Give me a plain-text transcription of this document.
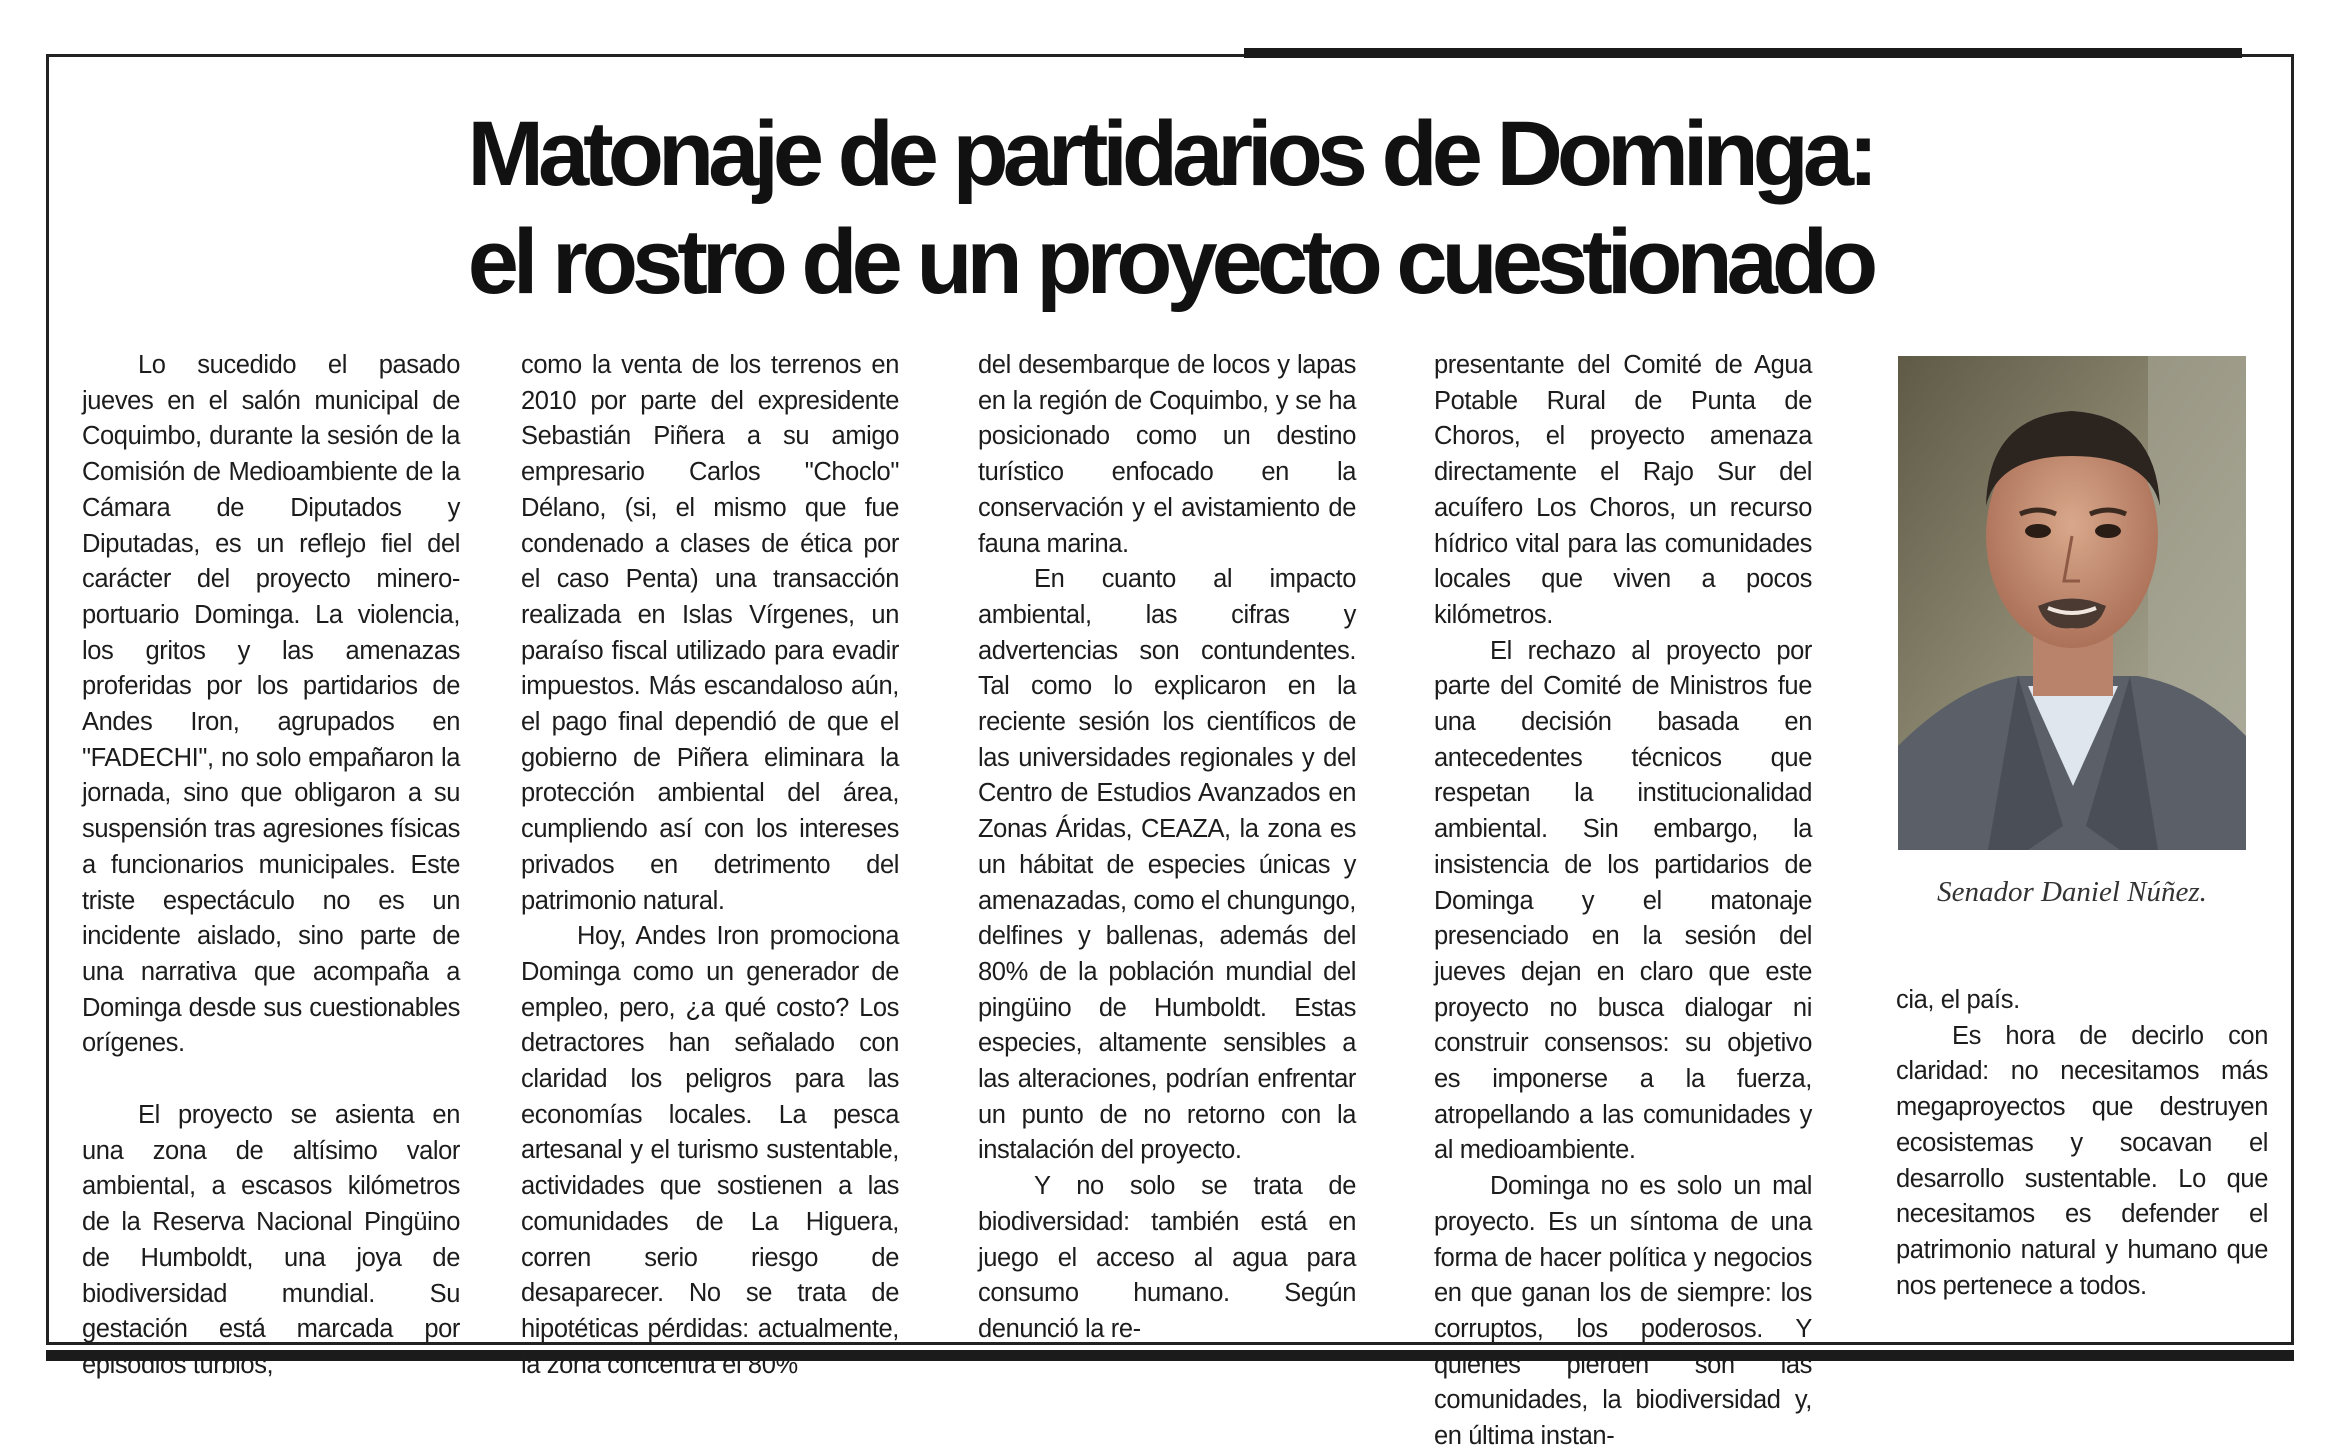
Matonaje de partidarios de Dominga:
el rostro de un proyecto cuestionado

Lo sucedido el pasado jueves en el salón municipal de Coquimbo, durante la sesión de la Comisión de Medioambiente de la Cámara de Diputados y Diputadas, es un reflejo fiel del carácter del proyecto minero-portuario Dominga. La violencia, los gritos y las amenazas proferidas por los partidarios de Andes Iron, agrupados en "FADECHI", no solo empañaron la jornada, sino que obligaron a su suspensión tras agresiones físicas a funcionarios municipales. Este triste espectáculo no es un incidente aislado, sino parte de una narrativa que acompaña a Dominga desde sus cuestionables orígenes.

El proyecto se asienta en una zona de altísimo valor ambiental, a escasos kilómetros de la Reserva Nacional Pingüino de Humboldt, una joya de biodiversidad mundial. Su gestación está marcada por episodios turbios,

como la venta de los terrenos en 2010 por parte del expresidente Sebastián Piñera a su amigo empresario Carlos "Choclo" Délano, (si, el mismo que fue condenado a clases de ética por el caso Penta) una transacción realizada en Islas Vírgenes, un paraíso fiscal utilizado para evadir impuestos. Más escandaloso aún, el pago final dependió de que el gobierno de Piñera eliminara la protección ambiental del área, cumpliendo así con los intereses privados en detrimento del patrimonio natural.

Hoy, Andes Iron promociona Dominga como un generador de empleo, pero, ¿a qué costo? Los detractores han señalado con claridad los peligros para las economías locales. La pesca artesanal y el turismo sustentable, actividades que sostienen a las comunidades de La Higuera, corren serio riesgo de desaparecer. No se trata de hipotéticas pérdidas: actualmente, la zona concentra el 80%

del desembarque de locos y lapas en la región de Coquimbo, y se ha posicionado como un destino turístico enfocado en la conservación y el avistamiento de fauna marina.

En cuanto al impacto ambiental, las cifras y advertencias son contundentes. Tal como lo explicaron en la reciente sesión los científicos de las universidades regionales y del Centro de Estudios Avanzados en Zonas Áridas, CEAZA, la zona es un hábitat de especies únicas y amenazadas, como el chungungo, delfines y ballenas, además del 80% de la población mundial del pingüino de Humboldt. Estas especies, altamente sensibles a las alteraciones, podrían enfrentar un punto de no retorno con la instalación del proyecto.

Y no solo se trata de biodiversidad: también está en juego el acceso al agua para consumo humano. Según denunció la re-

presentante del Comité de Agua Potable Rural de Punta de Choros, el proyecto amenaza directamente el Rajo Sur del acuífero Los Choros, un recurso hídrico vital para las comunidades locales que viven a pocos kilómetros.

El rechazo al proyecto por parte del Comité de Ministros fue una decisión basada en antecedentes técnicos que respetan la institucionalidad ambiental. Sin embargo, la insistencia de los partidarios de Dominga y el matonaje presenciado en la sesión del jueves dejan en claro que este proyecto no busca dialogar ni construir consensos: su objetivo es imponerse a la fuerza, atropellando a las comunidades y al medioambiente.

Dominga no es solo un mal proyecto. Es un síntoma de una forma de hacer política y negocios en que ganan los de siempre: los corruptos, los poderosos. Y quienes pierden son las comunidades, la biodiversidad y, en última instan-

Senador Daniel Núñez.

cia, el país.

Es hora de decirlo con claridad: no necesitamos más megaproyectos que destruyen ecosistemas y socavan el desarrollo sustentable. Lo que necesitamos es defender el patrimonio natural y humano que nos pertenece a todos.
